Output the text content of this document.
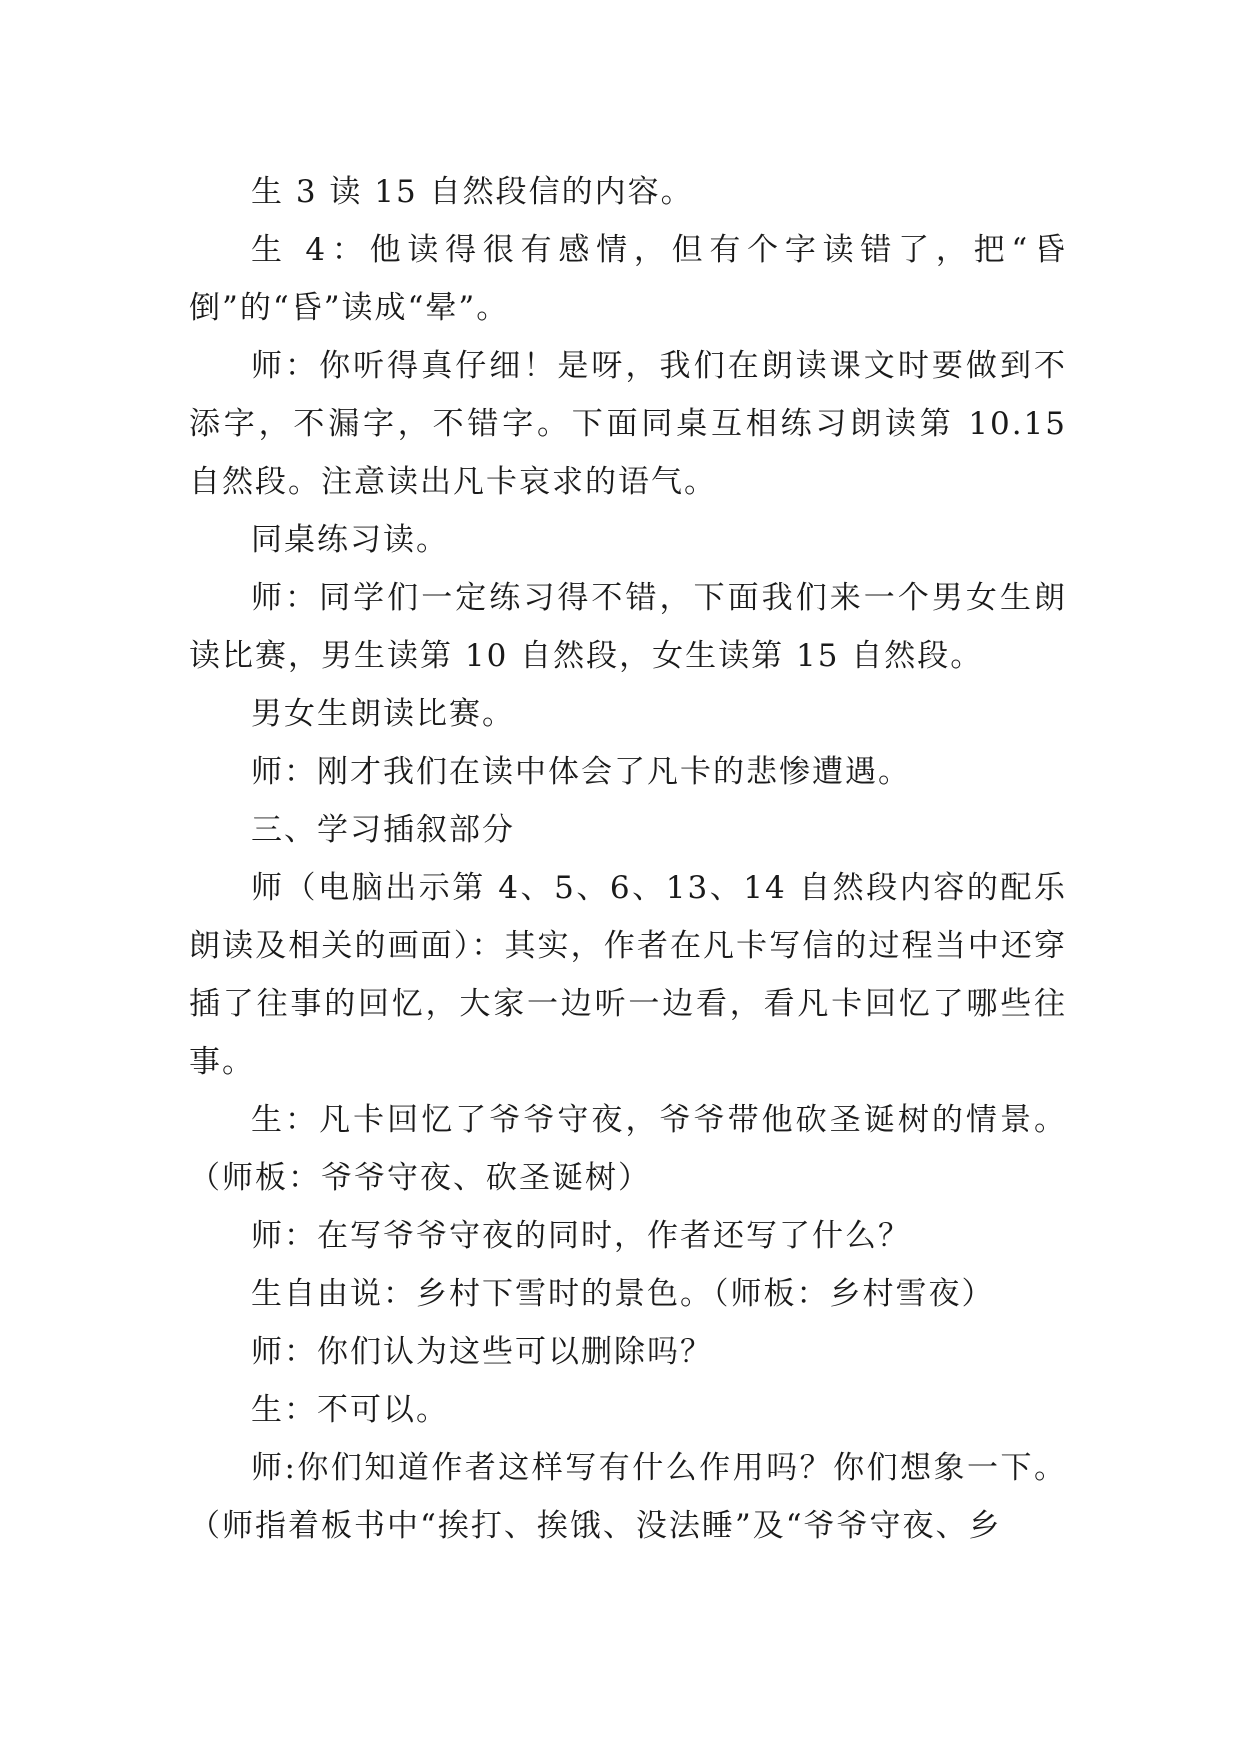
生 3 读 15 自然段信的内容。

生 4：他读得很有感情，但有个字读错了，把“昏倒”的“昏”读成“晕”。

师：你听得真仔细！是呀，我们在朗读课文时要做到不添字，不漏字，不错字。下面同桌互相练习朗读第 10.15 自然段。注意读出凡卡哀求的语气。

同桌练习读。

师：同学们一定练习得不错，下面我们来一个男女生朗读比赛，男生读第 10 自然段，女生读第 15 自然段。

男女生朗读比赛。

师：刚才我们在读中体会了凡卡的悲惨遭遇。

三、学习插叙部分

师（电脑出示第 4、5、6、13、14 自然段内容的配乐朗读及相关的画面）：其实，作者在凡卡写信的过程当中还穿插了往事的回忆，大家一边听一边看，看凡卡回忆了哪些往事。

生：凡卡回忆了爷爷守夜，爷爷带他砍圣诞树的情景。（师板：爷爷守夜、砍圣诞树）

师：在写爷爷守夜的同时，作者还写了什么？

生自由说：乡村下雪时的景色。（师板：乡村雪夜）

师：你们认为这些可以删除吗？

生：不可以。

师:你们知道作者这样写有什么作用吗？你们想象一下。（师指着板书中“挨打、挨饿、没法睡”及“爷爷守夜、乡
